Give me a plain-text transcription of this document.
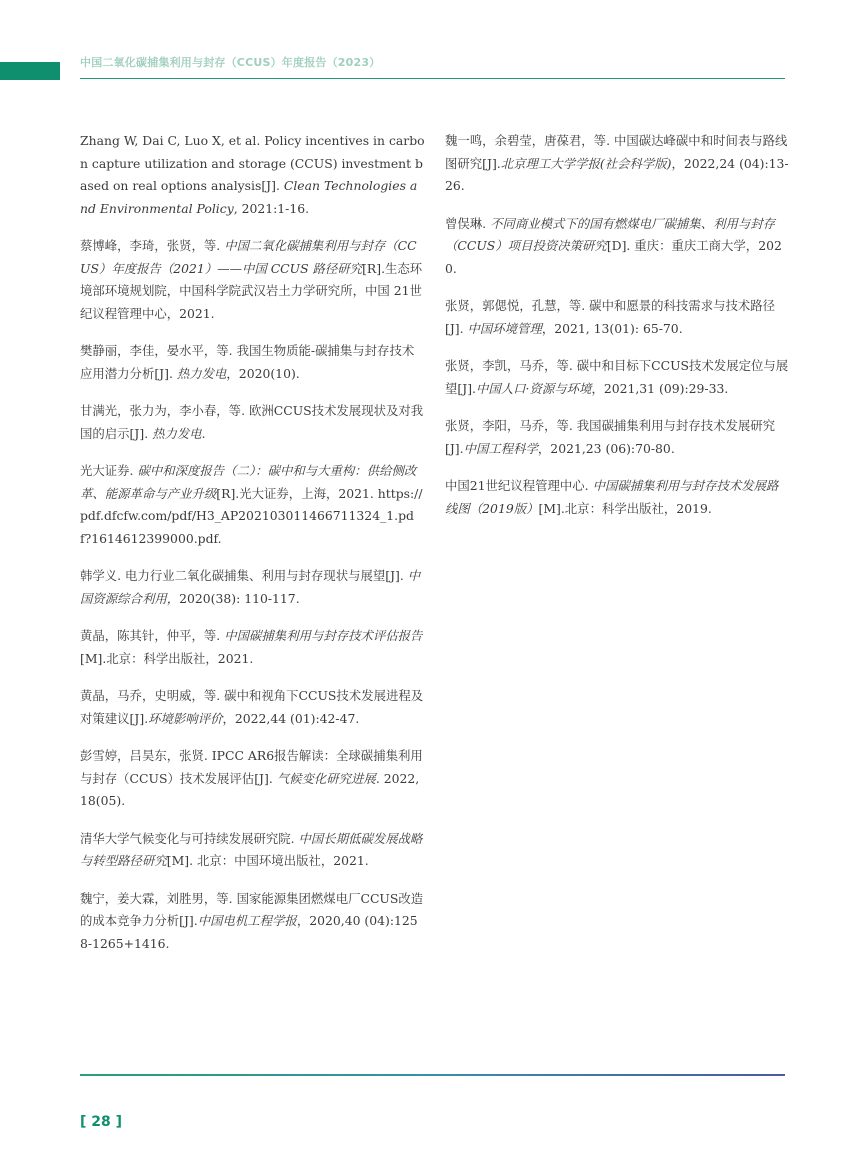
中国二氧化碳捕集利用与封存（CCUS）年度报告（2023）

Zhang W, Dai C, Luo X, et al. Policy incentives in carbon capture utilization and storage (CCUS) investment based on real options analysis[J]. Clean Technologies and Environmental Policy, 2021:1-16.

蔡博峰，李琦，张贤，等. 中国二氧化碳捕集利用与封存（CCUS）年度报告（2021）——中国 CCUS 路径研究[R].生态环境部环境规划院，中国科学院武汉岩土力学研究所，中国 21世纪议程管理中心，2021.

樊静丽，李佳，晏水平，等. 我国生物质能-碳捕集与封存技术应用潜力分析[J]. 热力发电，2020(10).

甘满光，张力为，李小春，等. 欧洲CCUS技术发展现状及对我国的启示[J]. 热力发电.

光大证券. 碳中和深度报告（二）：碳中和与大重构：供给侧改革、能源革命与产业升级[R].光大证券，上海，2021. https://pdf.dfcfw.com/pdf/H3_AP202103011466711324_1.pdf?1614612399000.pdf.

韩学义. 电力行业二氧化碳捕集、利用与封存现状与展望[J]. 中国资源综合利用，2020(38): 110-117.

黄晶，陈其针，仲平，等. 中国碳捕集利用与封存技术评估报告[M].北京：科学出版社，2021.

黄晶，马乔，史明威，等. 碳中和视角下CCUS技术发展进程及对策建议[J].环境影响评价，2022,44 (01):42-47.

彭雪婷，吕昊东，张贤. IPCC AR6报告解读：全球碳捕集利用与封存（CCUS）技术发展评估[J]. 气候变化研究进展. 2022,18(05).

清华大学气候变化与可持续发展研究院. 中国长期低碳发展战略与转型路径研究[M]. 北京：中国环境出版社，2021.

魏宁，姜大霖，刘胜男，等. 国家能源集团燃煤电厂CCUS改造的成本竞争力分析[J].中国电机工程学报，2020,40 (04):1258-1265+1416.

魏一鸣，余碧莹，唐葆君，等. 中国碳达峰碳中和时间表与路线图研究[J].北京理工大学学报(社会科学版)，2022,24 (04):13-26.

曾俣琳. 不同商业模式下的国有燃煤电厂碳捕集、利用与封存（CCUS）项目投资决策研究[D]. 重庆：重庆工商大学，2020.

张贤，郭偲悦，孔慧，等. 碳中和愿景的科技需求与技术路径[J]. 中国环境管理，2021, 13(01): 65-70.

张贤，李凯，马乔，等. 碳中和目标下CCUS技术发展定位与展望[J].中国人口·资源与环境，2021,31 (09):29-33.

张贤，李阳，马乔，等. 我国碳捕集利用与封存技术发展研究[J].中国工程科学，2021,23 (06):70-80.

中国21世纪议程管理中心. 中国碳捕集利用与封存技术发展路线图（2019版）[M].北京：科学出版社，2019.

[ 28 ]
